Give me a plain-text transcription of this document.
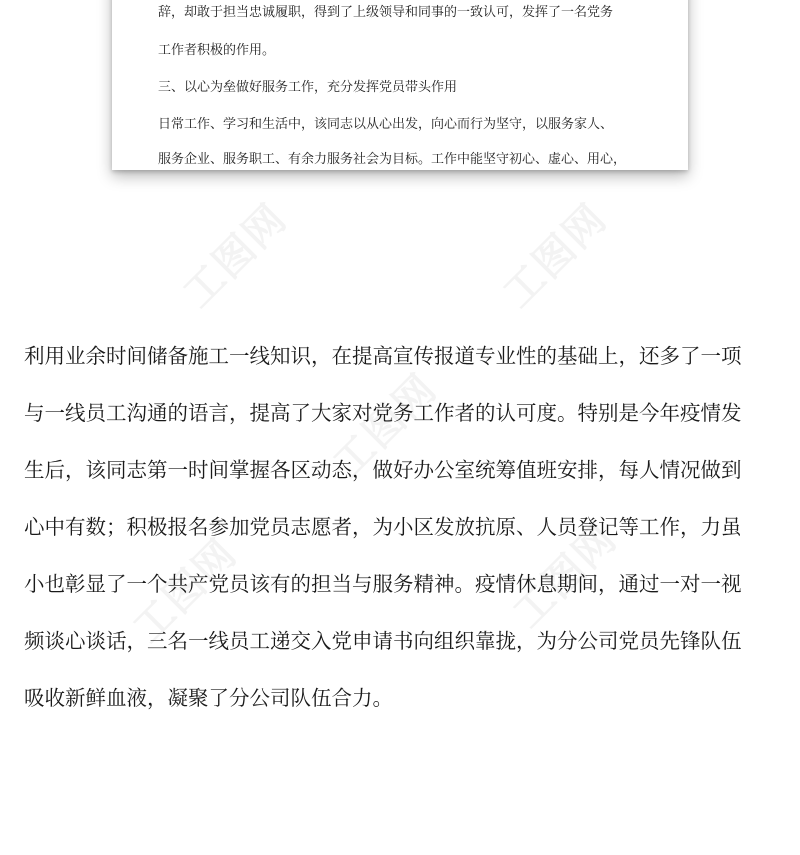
辞，却敢于担当忠诚履职，得到了上级领导和同事的一致认可，发挥了一名党务
工作者积极的作用。
三、以心为垒做好服务工作，充分发挥党员带头作用
日常工作、学习和生活中，该同志以从心出发，向心而行为坚守，以服务家人、
服务企业、服务职工、有余力服务社会为目标。工作中能坚守初心、虚心、用心，
工图网	工图网
工图网
工图网	工图网
利用业余时间储备施工一线知识，在提高宣传报道专业性的基础上，还多了一项
与一线员工沟通的语言，提高了大家对党务工作者的认可度。特别是今年疫情发
生后，该同志第一时间掌握各区动态，做好办公室统筹值班安排，每人情况做到
心中有数；积极报名参加党员志愿者，为小区发放抗原、人员登记等工作，力虽
小也彰显了一个共产党员该有的担当与服务精神。疫情休息期间，通过一对一视
频谈心谈话，三名一线员工递交入党申请书向组织靠拢，为分公司党员先锋队伍
吸收新鲜血液，凝聚了分公司队伍合力。
